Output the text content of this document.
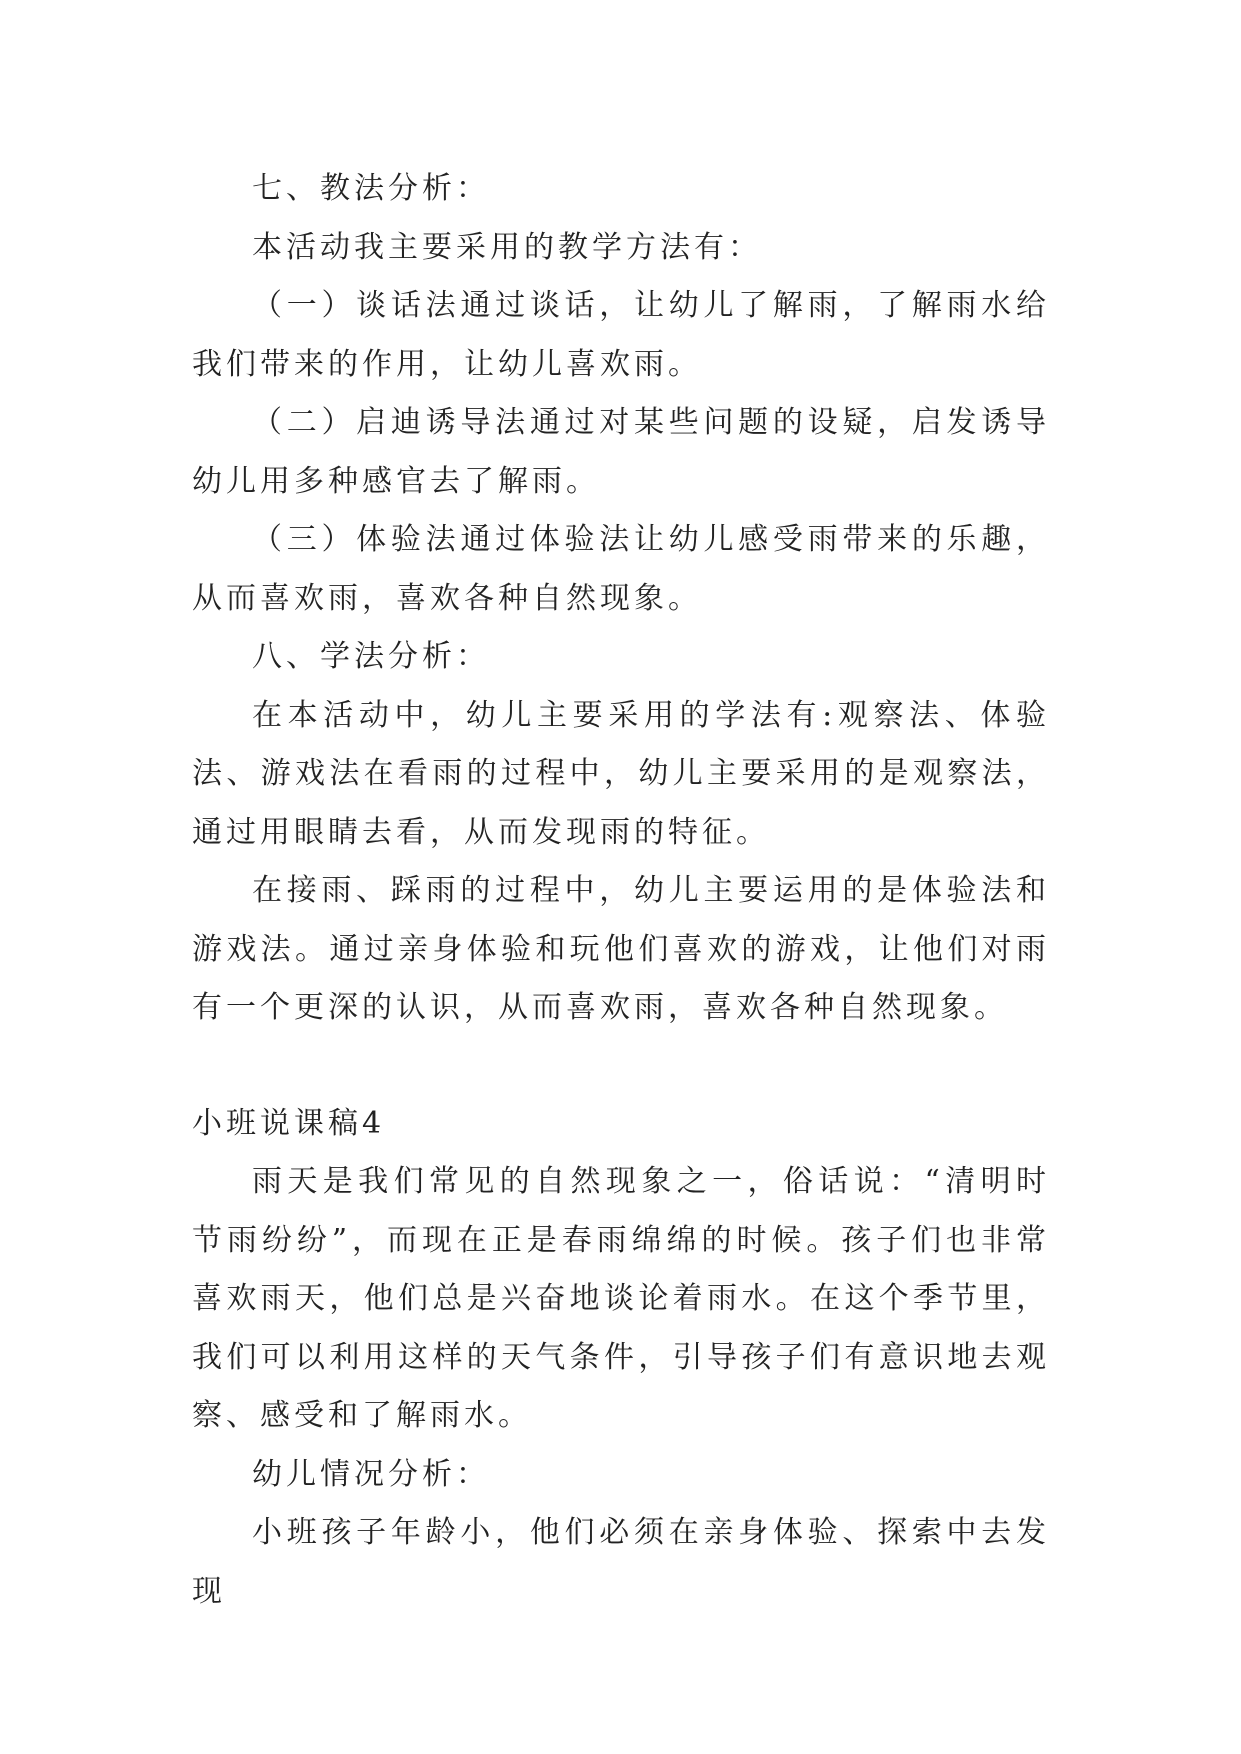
七、教法分析：

本活动我主要采用的教学方法有：

（一）谈话法通过谈话，让幼儿了解雨，了解雨水给我们带来的作用，让幼儿喜欢雨。

（二）启迪诱导法通过对某些问题的设疑，启发诱导幼儿用多种感官去了解雨。

（三）体验法通过体验法让幼儿感受雨带来的乐趣，从而喜欢雨，喜欢各种自然现象。

八、学法分析：

在本活动中，幼儿主要采用的学法有:观察法、体验法、游戏法在看雨的过程中，幼儿主要采用的是观察法，通过用眼睛去看，从而发现雨的特征。

在接雨、踩雨的过程中，幼儿主要运用的是体验法和游戏法。通过亲身体验和玩他们喜欢的游戏，让他们对雨有一个更深的认识，从而喜欢雨，喜欢各种自然现象。

小班说课稿4

雨天是我们常见的自然现象之一，俗话说：“清明时节雨纷纷”，而现在正是春雨绵绵的时候。孩子们也非常喜欢雨天，他们总是兴奋地谈论着雨水。在这个季节里，我们可以利用这样的天气条件，引导孩子们有意识地去观察、感受和了解雨水。

幼儿情况分析：

小班孩子年龄小，他们必须在亲身体验、探索中去发现
